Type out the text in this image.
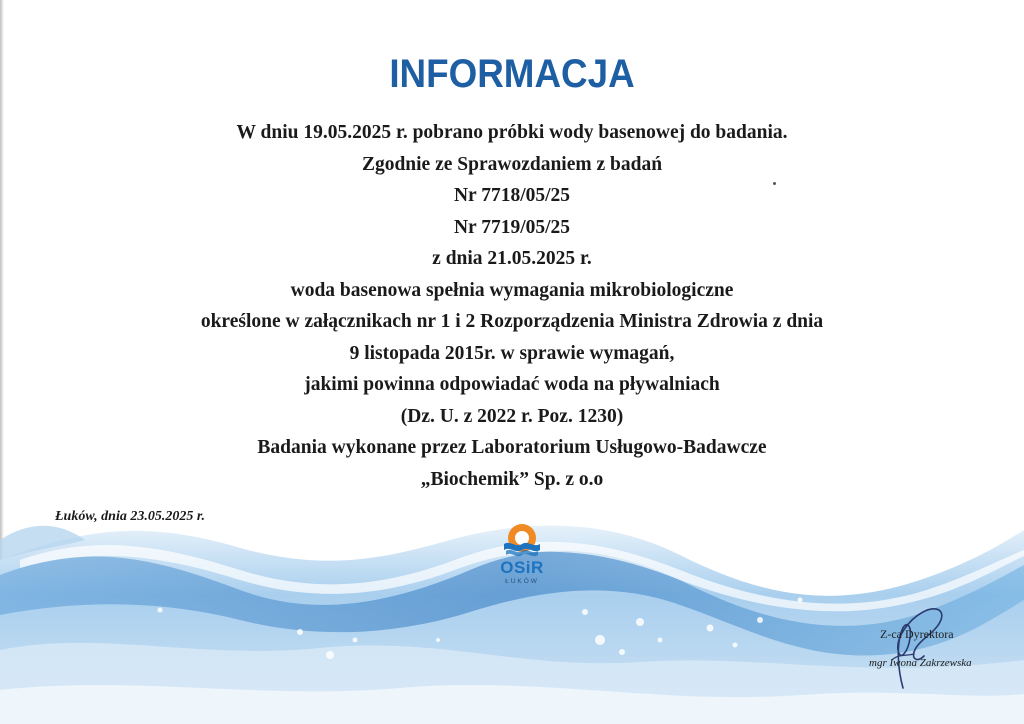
INFORMACJA
W dniu 19.05.2025 r. pobrano próbki wody basenowej do badania.
Zgodnie ze Sprawozdaniem z badań
Nr 7718/05/25
Nr 7719/05/25
z dnia 21.05.2025 r.
woda basenowa spełnia wymagania mikrobiologiczne
określone w załącznikach nr 1 i 2 Rozporządzenia Ministra Zdrowia z dnia
9 listopada 2015r. w sprawie wymagań,
jakimi powinna odpowiadać woda na pływalniach
(Dz. U. z 2022 r. Poz. 1230)
Badania wykonane przez Laboratorium Usługowo-Badawcze
„Biochemik” Sp. z o.o
Łuków, dnia 23.05.2025 r.
OSiR
ŁUKÓW
Z-ca Dyrektora
mgr Iwona Zakrzewska
